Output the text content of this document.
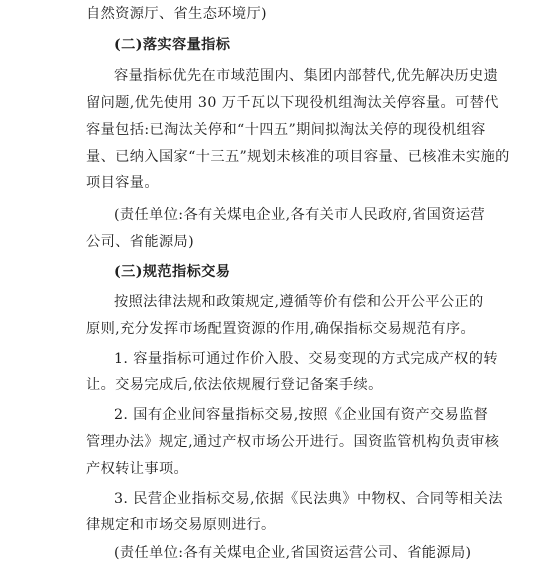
自然资源厅、省生态环境厅)
(二)落实容量指标
容量指标优先在市域范围内、集团内部替代,优先解决历史遗
留问题,优先使用 30 万千瓦以下现役机组淘汰关停容量。可替代
容量包括:已淘汰关停和“十四五”期间拟淘汰关停的现役机组容
量、已纳入国家“十三五”规划未核准的项目容量、已核准未实施的
项目容量。
(责任单位:各有关煤电企业,各有关市人民政府,省国资运营
公司、省能源局)
(三)规范指标交易
按照法律法规和政策规定,遵循等价有偿和公开公平公正的
原则,充分发挥市场配置资源的作用,确保指标交易规范有序。
1. 容量指标可通过作价入股、交易变现的方式完成产权的转
让。交易完成后,依法依规履行登记备案手续。
2. 国有企业间容量指标交易,按照《企业国有资产交易监督
管理办法》规定,通过产权市场公开进行。国资监管机构负责审核
产权转让事项。
3. 民营企业指标交易,依据《民法典》中物权、合同等相关法
律规定和市场交易原则进行。
(责任单位:各有关煤电企业,省国资运营公司、省能源局)
